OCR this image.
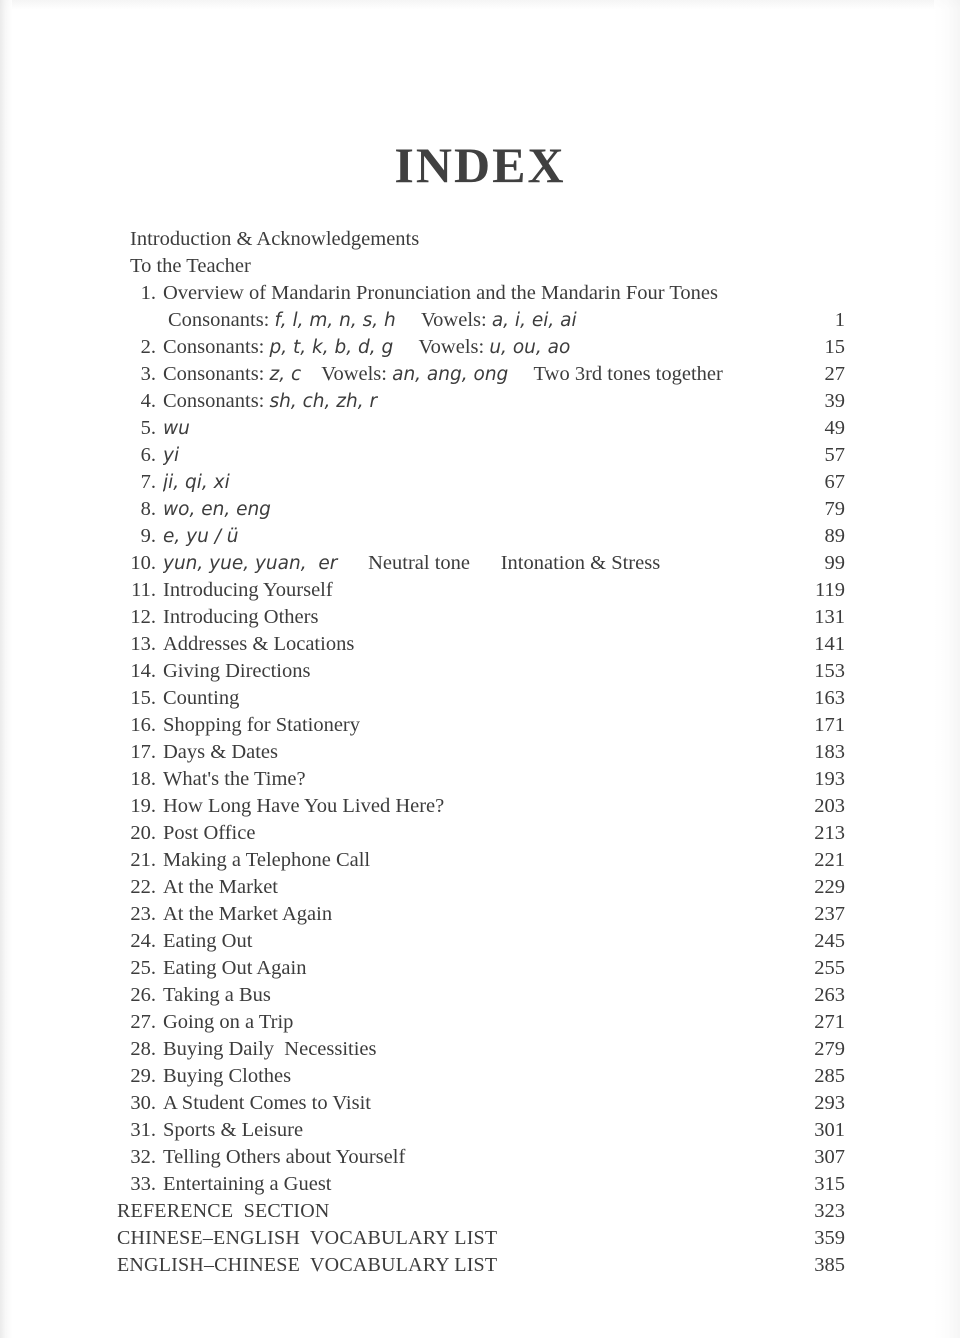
INDEX
Introduction & Acknowledgements
To the Teacher
1. Overview of Mandarin Pronunciation and the Mandarin Four Tones
Consonants: f, l, m, n, s, h     Vowels: a, i, ei, ai	1
2. Consonants: p, t, k, b, d, g     Vowels: u, ou, ao	15
3. Consonants: z, c    Vowels: an, ang, ong     Two 3rd tones together	27
4. Consonants: sh, ch, zh, r	39
5. wu	49
6. yi	57
7. ji, qi, xi	67
8. wo, en, eng	79
9. e, yu / ü	89
10. yun, yue, yuan,  er      Neutral tone      Intonation & Stress	99
11. Introducing Yourself	119
12. Introducing Others	131
13. Addresses & Locations	141
14. Giving Directions	153
15. Counting	163
16. Shopping for Stationery	171
17. Days & Dates	183
18. What's the Time?	193
19. How Long Have You Lived Here?	203
20. Post Office	213
21. Making a Telephone Call	221
22. At the Market	229
23. At the Market Again	237
24. Eating Out	245
25. Eating Out Again	255
26. Taking a Bus	263
27. Going on a Trip	271
28. Buying Daily  Necessities	279
29. Buying Clothes	285
30. A Student Comes to Visit	293
31. Sports & Leisure	301
32. Telling Others about Yourself	307
33. Entertaining a Guest	315
REFERENCE  SECTION	323
CHINESE–ENGLISH  VOCABULARY LIST	359
ENGLISH–CHINESE  VOCABULARY LIST	385
